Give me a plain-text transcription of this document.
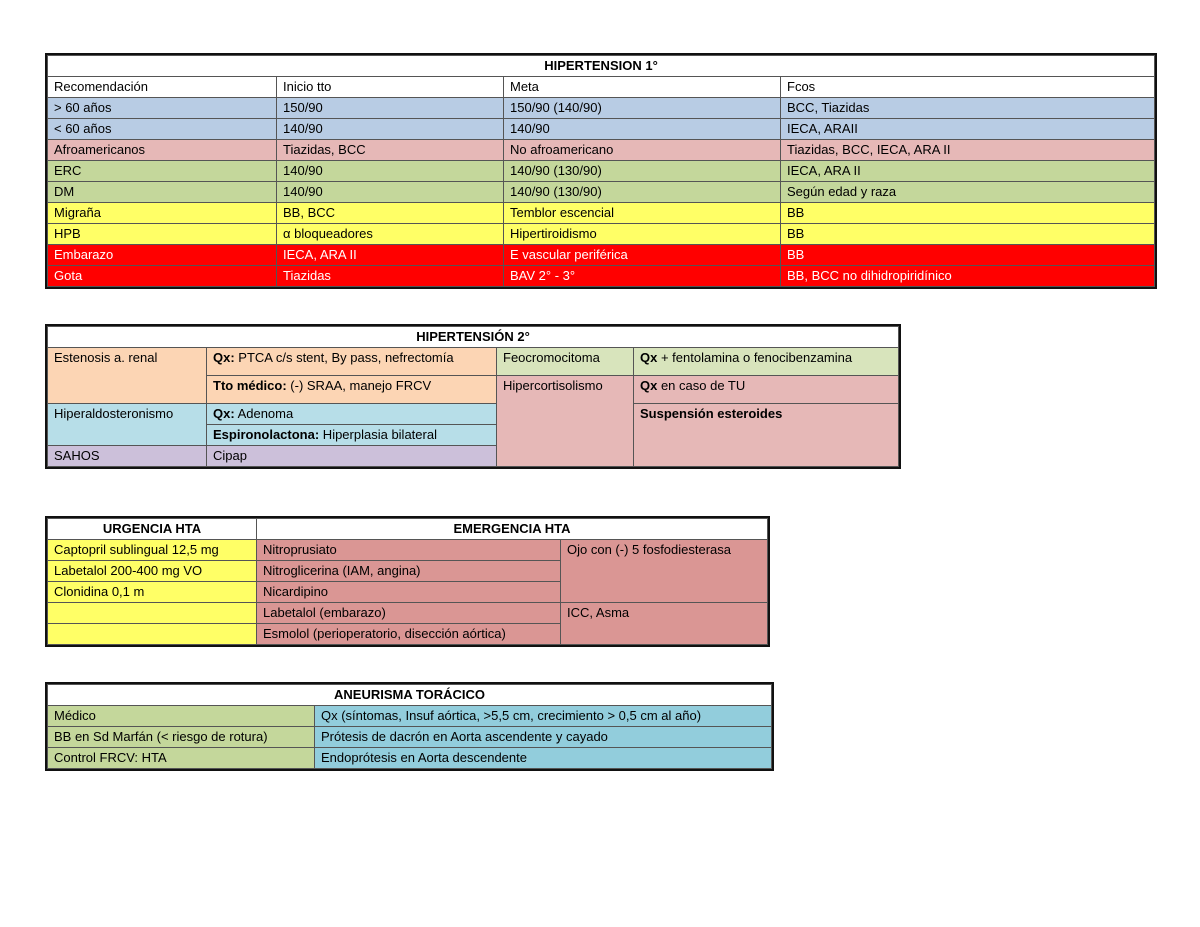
HIPERTENSION 1°			
Recomendación	Inicio tto	Meta	Fcos
> 60 años	150/90	150/90 (140/90)	BCC, Tiazidas
< 60 años	140/90	140/90	IECA, ARAII
Afroamericanos	Tiazidas, BCC	No afroamericano	Tiazidas, BCC, IECA, ARA II
ERC	140/90	140/90 (130/90)	IECA, ARA II
DM	140/90	140/90 (130/90)	Según edad y raza
Migraña	BB, BCC	Temblor escencial	BB
HPB	α bloqueadores	Hipertiroidismo	BB
Embarazo	IECA, ARA II	E vascular periférica	BB
Gota	Tiazidas	BAV 2° - 3°	BB, BCC no dihidropiridínico
HIPERTENSIÓN 2°			
Estenosis a. renal	Qx: PTCA c/s stent, By pass, nefrectomía	Feocromocitoma	Qx + fentolamina o fenocibenzamina
	Tto médico: (-) SRAA, manejo FRCV	Hipercortisolismo	Qx en caso de TU
Hiperaldosteronismo	Qx: Adenoma		Suspensión esteroides
	Espironolactona: Hiperplasia bilateral		
SAHOS	Cipap		
URGENCIA HTA	EMERGENCIA HTA	
Captopril sublingual 12,5 mg	Nitroprusiato	Ojo con (-) 5 fosfodiesterasa
Labetalol 200-400 mg VO	Nitroglicerina (IAM, angina)	
Clonidina 0,1 m	Nicardipino	
	Labetalol (embarazo)	ICC, Asma
	Esmolol (perioperatorio, disección aórtica)	
ANEURISMA TORÁCICO	
Médico	Qx (síntomas, Insuf aórtica, >5,5 cm, crecimiento > 0,5 cm al año)
BB en Sd Marfán (< riesgo de rotura)	Prótesis de dacrón en Aorta ascendente y cayado
Control FRCV: HTA	Endoprótesis en Aorta descendente
